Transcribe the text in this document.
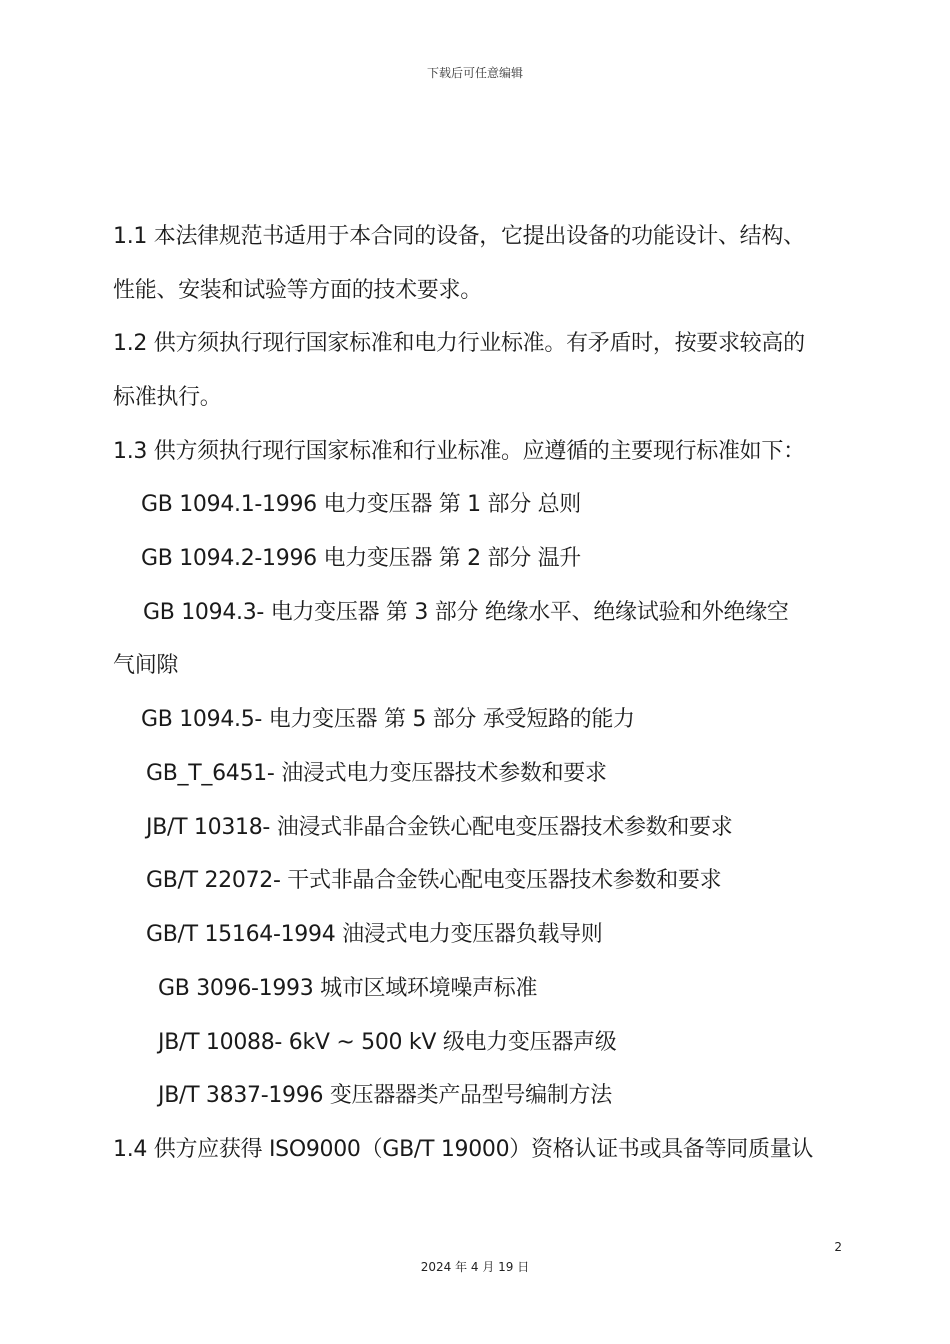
下载后可任意编辑
1.1 本法律规范书适用于本合同的设备，它提出设备的功能设计、结构、
性能、安装和试验等方面的技术要求。
1.2 供方须执行现行国家标准和电力行业标准。有矛盾时，按要求较高的
标准执行。
1.3 供方须执行现行国家标准和行业标准。应遵循的主要现行标准如下：
GB 1094.1-1996 电力变压器 第 1 部分 总则
GB 1094.2-1996 电力变压器 第 2 部分 温升
GB 1094.3- 电力变压器 第 3 部分 绝缘水平、绝缘试验和外绝缘空
气间隙
GB 1094.5- 电力变压器 第 5 部分 承受短路的能力
GB_T_6451- 油浸式电力变压器技术参数和要求
JB/T 10318- 油浸式非晶合金铁心配电变压器技术参数和要求
GB/T 22072- 干式非晶合金铁心配电变压器技术参数和要求
GB/T 15164-1994 油浸式电力变压器负载导则
GB 3096-1993 城市区域环境噪声标准
JB/T 10088- 6kV ~ 500 kV 级电力变压器声级
JB/T 3837-1996 变压器器类产品型号编制方法
1.4 供方应获得 ISO9000（GB/T 19000）资格认证书或具备等同质量认
2
2024 年 4 月 19 日
